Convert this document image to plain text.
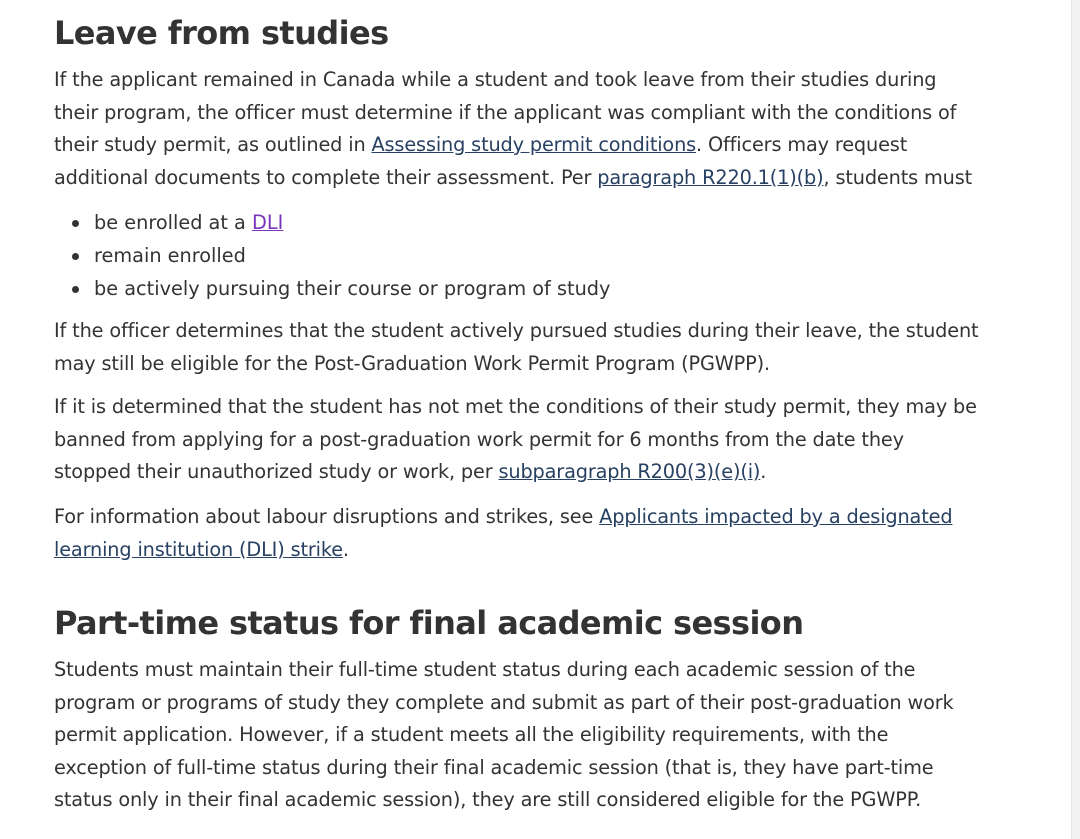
Leave from studies

If the applicant remained in Canada while a student and took leave from their studies during their program, the officer must determine if the applicant was compliant with the conditions of their study permit, as outlined in Assessing study permit conditions. Officers may request additional documents to complete their assessment. Per paragraph R220.1(1)(b), students must

be enrolled at a DLI
remain enrolled
be actively pursuing their course or program of study

If the officer determines that the student actively pursued studies during their leave, the student may still be eligible for the Post-Graduation Work Permit Program (PGWPP).

If it is determined that the student has not met the conditions of their study permit, they may be banned from applying for a post-graduation work permit for 6 months from the date they stopped their unauthorized study or work, per subparagraph R200(3)(e)(i).

For information about labour disruptions and strikes, see Applicants impacted by a designated learning institution (DLI) strike.

Part-time status for final academic session

Students must maintain their full-time student status during each academic session of the program or programs of study they complete and submit as part of their post-graduation work permit application. However, if a student meets all the eligibility requirements, with the exception of full-time status during their final academic session (that is, they have part-time status only in their final academic session), they are still considered eligible for the PGWPP.
